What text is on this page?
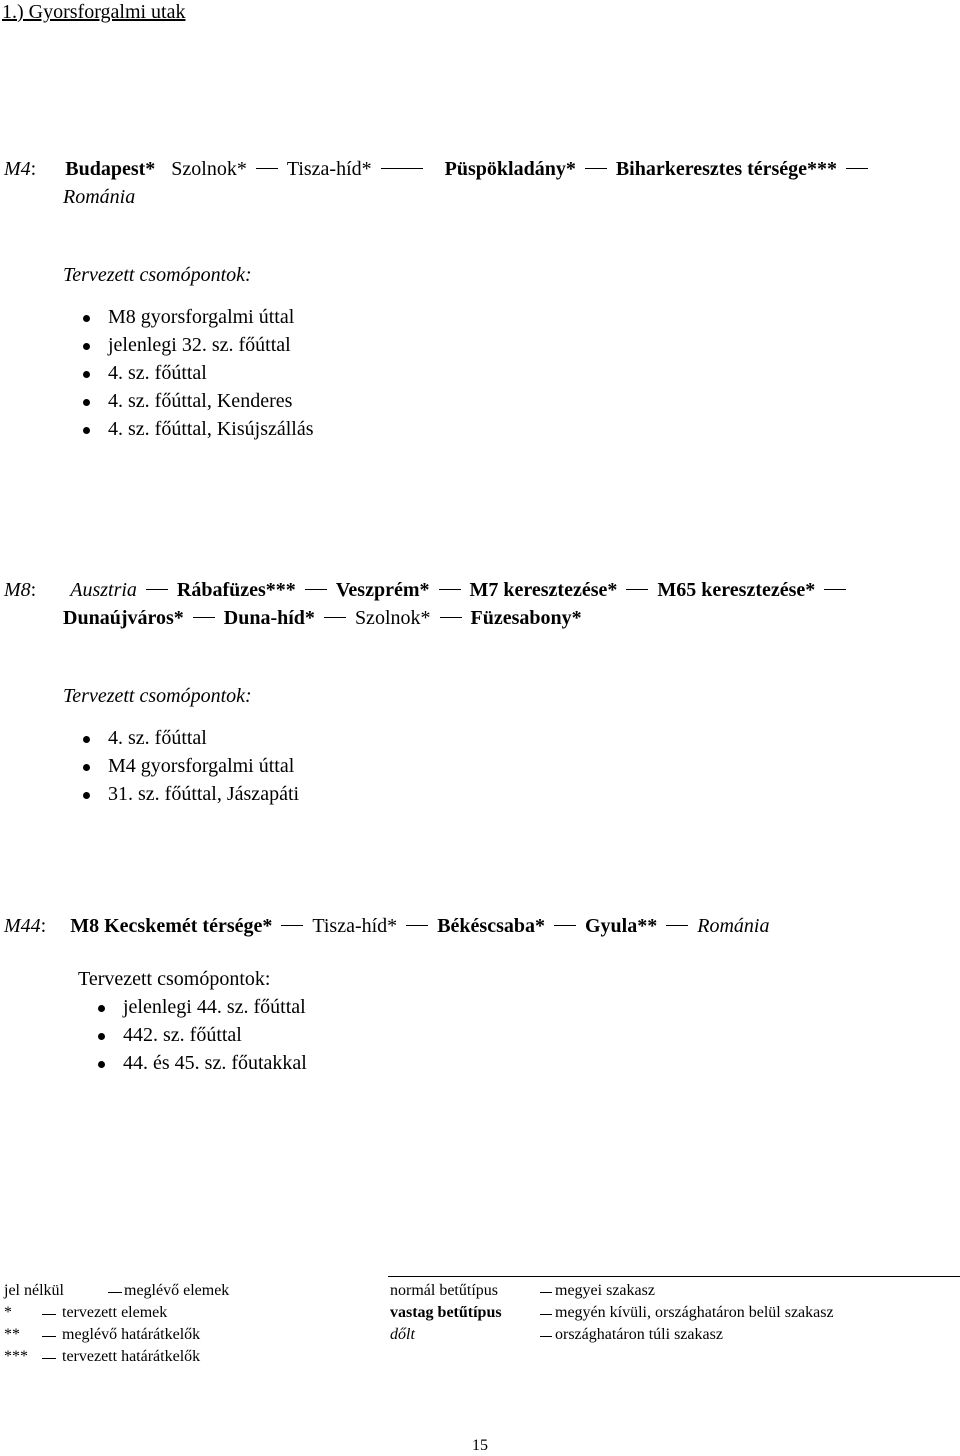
1.) Gyorsforgalmi utak
M4 : Budapest* Szolnok* Tisza-híd*	Püspökladány* Biharkeresztes térsége***
Románia
Tervezett csomópontok:
M8 gyorsforgalmi úttal
jelenlegi 32. sz. főúttal
4. sz. főúttal
4. sz. főúttal, Kenderes
4. sz. főúttal, Kisújszállás
M8 : Ausztria Rábafüzes*** Veszprém* M7 keresztezése* M65 keresztezése*
Dunaújváros* Duna-híd* Szolnok* Füzesabony*
Tervezett csomópontok:
4. sz. főúttal
M4 gyorsforgalmi úttal
31. sz. főúttal, Jászapáti
M44 : M8 Kecskemét térsége* Tisza-híd* Békéscsaba* Gyula** Románia
Tervezett csomópontok:
jelenlegi 44. sz. főúttal
442. sz. főúttal
44. és 45. sz. főutakkal
jel nélkül	meglévő elemek
*	tervezett elemek
**	meglévő határátkelők
*** tervezett határátkelők
normál betűtípus	megyei szakasz
vastag betűtípus	megyén kívüli, országhatáron belül szakasz
dőlt	országhatáron túli szakasz
15
